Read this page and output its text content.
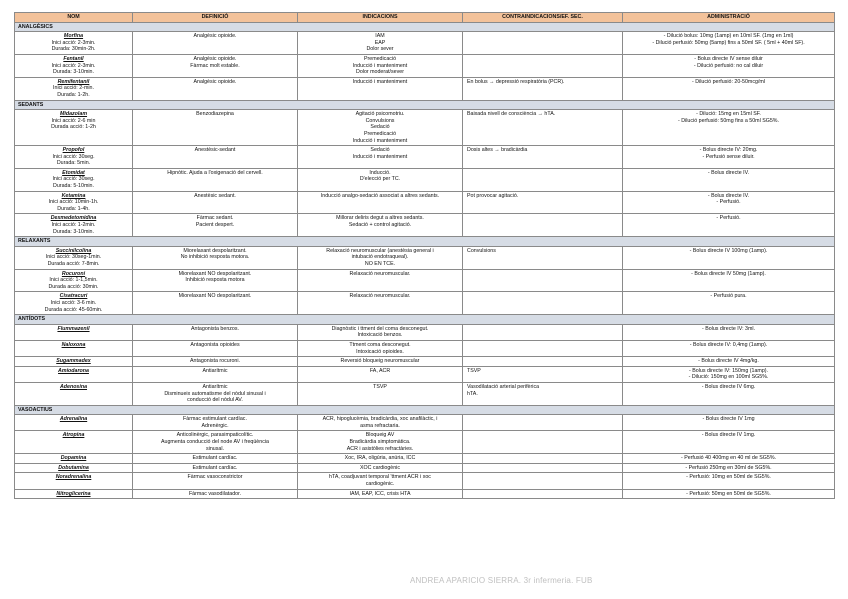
NOM	DEFINICIÓ	INDICACIONS	CONTRAINDICACIONS/EF. SEC.	ADMINISTRACIÓ
ANALGÈSICS				

Morfina
Inici acció: 2-3min.
Durada: 30min-2h.	Analgèsic opioide.	IAM
EAP
Dolor sever		- Dilució bolus: 10mg (1amp) en 10ml SF. (1mg en 1ml)
- Dilució perfusió: 50mg (5amp) fins a 50ml SF. ( 5ml + 40ml SF).

Fentanil
Inici acció: 2-3min.
Durada: 3-10min.	Analgèsic opioide.
Fàrmac molt estable.	Premedicació
Inducció i manteniment
Dolor moderat/sever		- Bolus directe IV sense diluir
- Dilució perfusió: no cal diluir

Remifentanil
Inici acció: 2-min.
Durada: 1-2h.	Analgèsic opioide.	Inducció i manteniment	En bolus → depressió respiratòria (PCR).	- Dilució perfusió: 20-50mcg/ml

SEDANTS				

Midazolam
Inici acció: 2-6 min
Durada acció: 1-2h	Benzodiazepina	Agitació psicomotriu.
Convulsions
Sedació
Premedicació
Inducció i manteniment	Baixada nivell de consciència → hTA.	- Dilució: 15mg en 15ml SF.
- Dilució perfusió: 50mg fins a 50ml SG5%.

Propofol
Inici acció: 30seg.
Durada: 5min.	Anestèsic-sedant	Sedació
Inducció i manteniment	Dosis altes → bradicàrdia	- Bolus directe IV: 20mg.
- Perfusió sense diluir.

Etomidat
Inici acció: 30seg.
Durada: 5-10min.	Hipnòtic. Ajuda a l'oxigenació del cervell.	Inducció.
D'elecció per TC.		- Bolus directe IV.

Ketamina
Inici acció: 10min-1h.
Durada: 1-4h.	Anestèsic sedant.	Inducció analgo-sedació associat a altres sedants.	Pot provocar agitació.	- Bolus directe IV.
- Perfusió.

Dexmedetomidina
Inici acció: 1-2min.
Durada: 3-10min.	Fàrmac sedant.
Pacient despert.	Millorar deliris degut a altres sedants.
Sedació + control agitació.		- Perfusió.

RELAXANTS				

Succinilcolina
Inici acció: 30seg-1min.
Durada acció: 7-8min.	Miorelaxant despolaritzant.
No inhibició resposta motora.	Relaxació neuromuscular (anestèsia general i
intubació endotraqueal).
NO EN TCE.	Convulsions	- Bolus directe IV 100mg (1amp).

Rocuroni
Inici acció: 1-1,5min.
Durada acció: 30min.	Miorelaxant NO despolaritzant.
Inhibició resposta motora	Relaxació neuromuscular.		- Bolus directe IV 50mg (1amp).

Cisatracuri
Inici acció: 3-6 min.
Durada acció: 45-60min.	Miorelaxant NO despolaritzant.	Relaxació neuromuscular.		- Perfusió pura.

ANTÍDOTS				

Flummazenil	Antagonista benzos.	Diagnòstic i ttment del coma desconegut.
Intoxicació benzos.		- Bolus directe IV: 3ml.

Naloxona	Antagonista opioides	Ttment coma desconegut.
Intoxicació opioides.		- Bolus directe IV: 0,4mg (1amp).

Sugammadex	Antagonista rocuroni.	Reversió bloqueig neuromuscular		- Bolus directe IV 4mg/kg.

Amiodarona	Antiarítmic	FA, ACR	TSVP	- Bolus directe IV: 150mg (1amp).
- Dilució: 150mg en 100ml SG5%.

Adenosina	Antiarítmic
Disminueix automatisme del nòdul sinusal i
conducció del nòdul AV.	TSVP	Vasodilatació arterial perifèrica
hTA.	- Bolus directe IV 6mg.

VASOACTIUS				

Adrenalina	Fàrmac estimulant cardíac.
Adrenèrgic.	ACR, hipoglucèmia, bradicàrdia, xoc anafilàctic, i
asma refractaria.		- Bolus directe IV 1mg

Atropina	Anticolinèrgic, parasimpaticolític.
Augmenta conducció del node AV i freqüència
sinusal.	Bloqueig AV
Bradicàrdia simptomàtica.
ACR i asistòlies refractàries.		- Bolus directe IV 1mg.

Dopamina	Estimulant cardíac.	Xoc, IRA, oligúria, anúria, ICC		- Perfusió 40 400mg en 40 ml de SG5%.

Dobutamina	Estimulant cardíac.	XOC cardiogènic		- Perfusió 250mg en 30ml de SG5%.

Noradrenalina	Fàrmac vasoconstrictor	hTA, coadjuvant temporal 'ttment ACR i xoc
cardiogènic.		- Perfusió: 10mg en 50ml de SG5%.

Nitroglicerina	Fàrmac vasodilatador.	IAM, EAP, ICC, crisis HTA		- Perfusió: 50mg en 50ml de SG5%.
ANDREA APARICIO SIERRA. 3r infermeria. FUB
